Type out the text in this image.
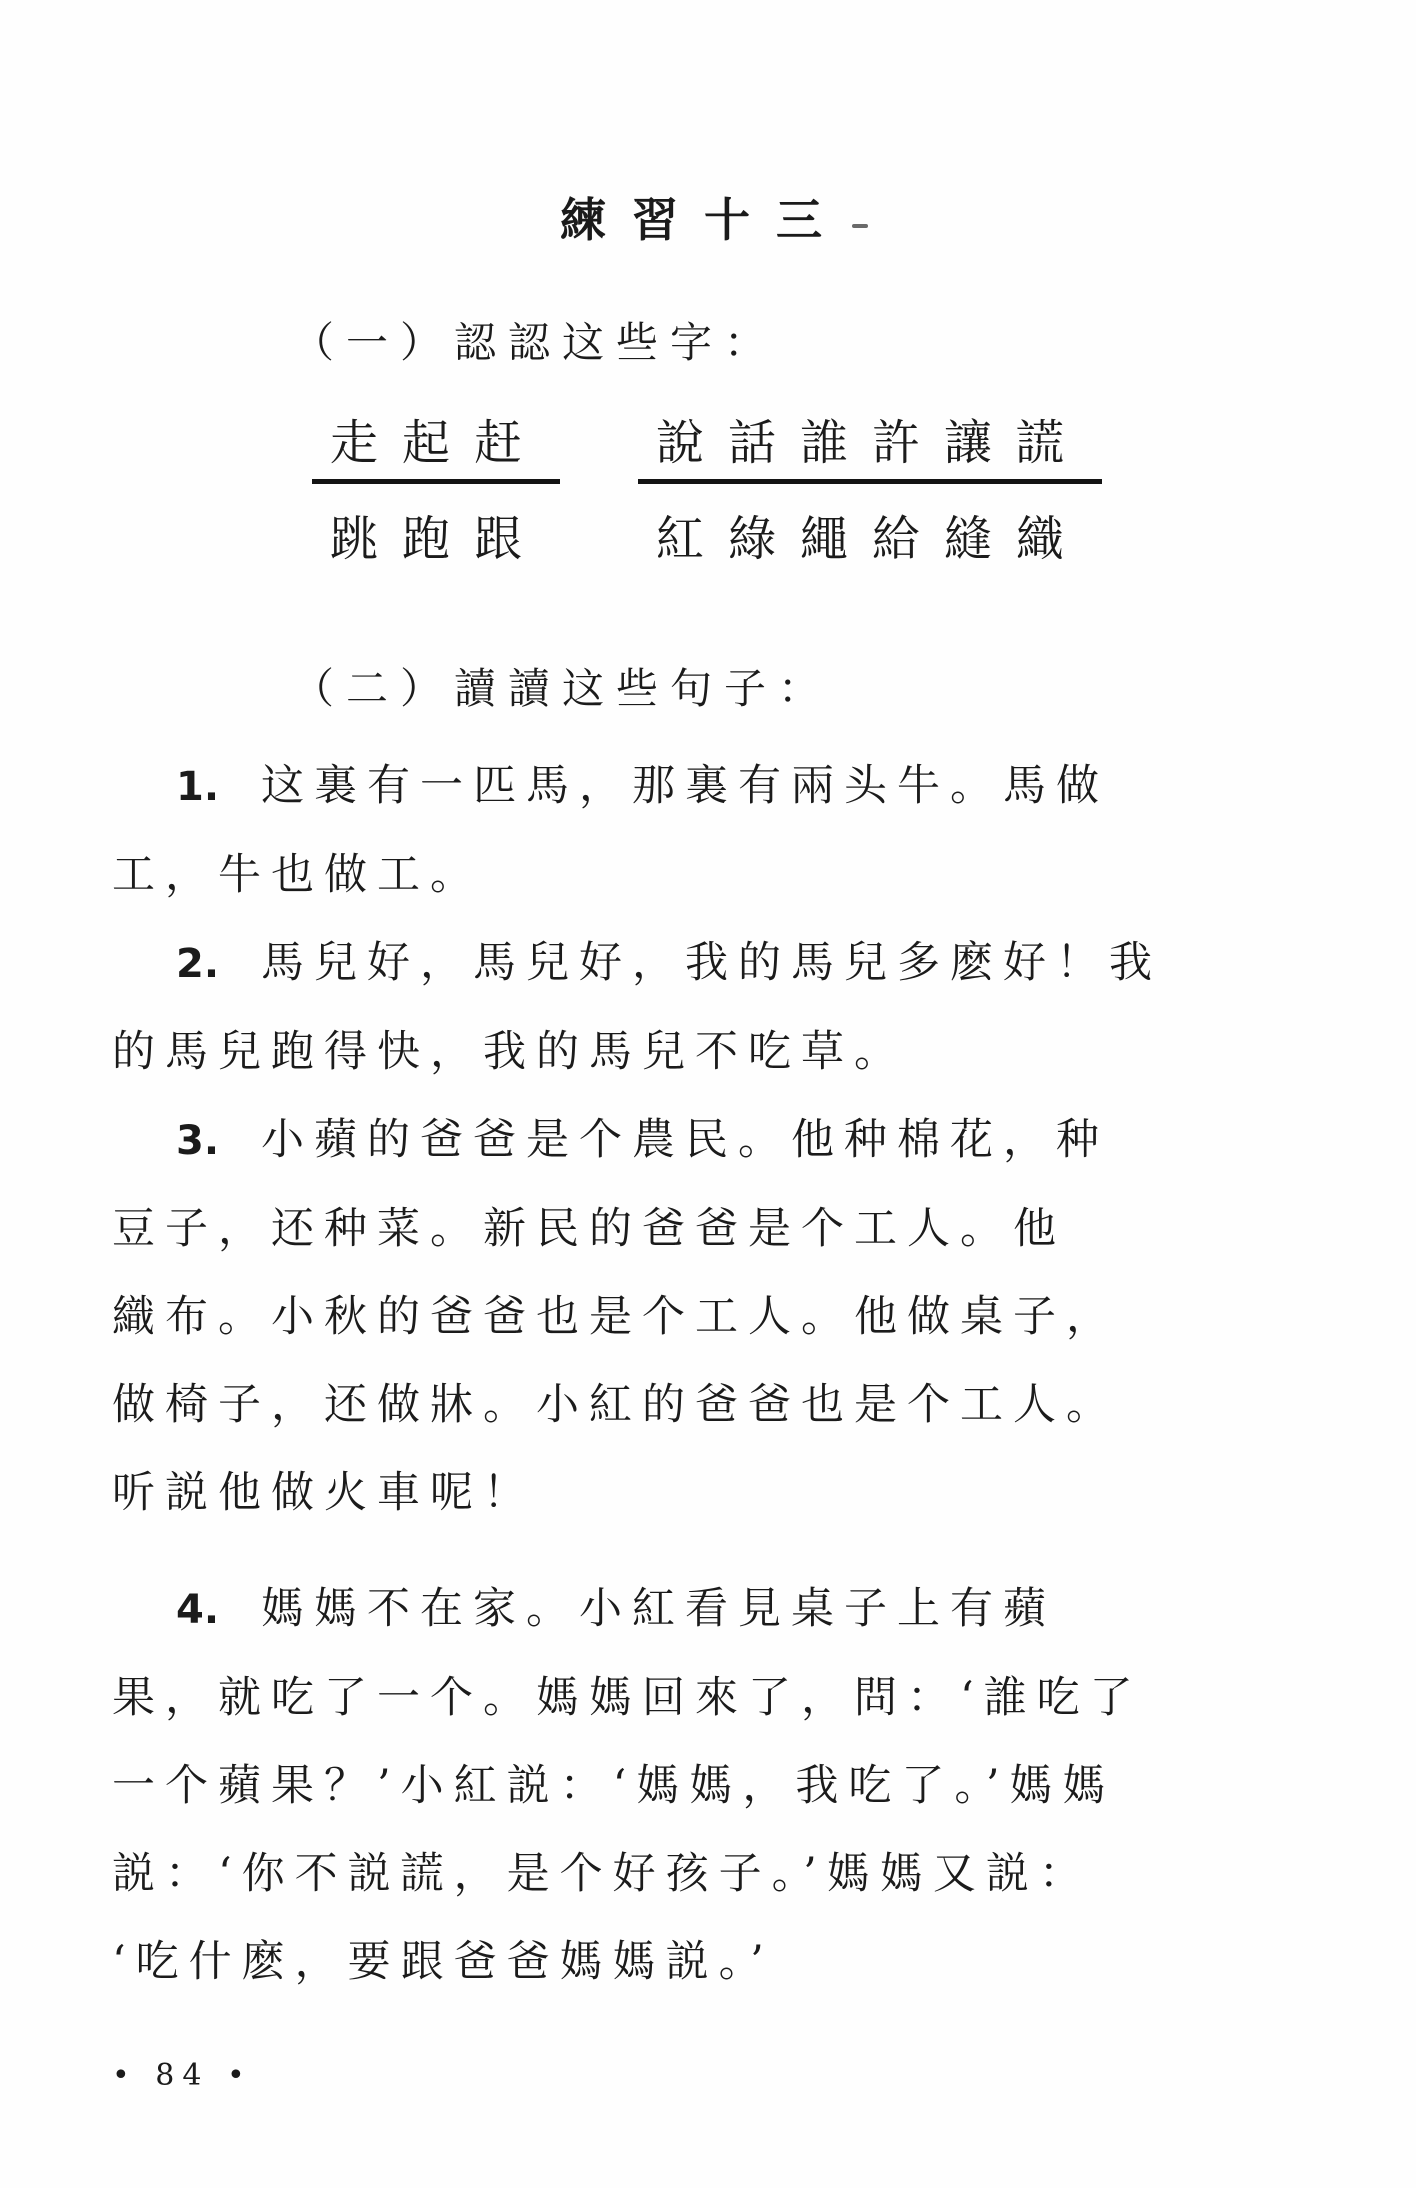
練習十三
（一）認認这些字：
走起赶	說話誰許讓謊
跳跑跟	紅綠繩給縫織
（二）讀讀这些句子：
1. 这裏有一匹馬，那裏有兩头牛。馬做
工，牛也做工。
2. 馬兒好，馬兒好，我的馬兒多麽好！我
的馬兒跑得快，我的馬兒不吃草。
3. 小蘋的爸爸是个農民。他种棉花，种
豆子，还种菜。新民的爸爸是个工人。他
織布。小秋的爸爸也是个工人。他做桌子，
做椅子，还做牀。小紅的爸爸也是个工人。
听説他做火車呢！
4. 媽媽不在家。小紅看見桌子上有蘋
果，就吃了一个。媽媽回來了，問：‘誰吃了
一个蘋果？’小紅説：‘媽媽，我吃了。’媽媽
説：‘你不説謊，是个好孩子。’媽媽又説：
‘吃什麽，要跟爸爸媽媽説。’
• 84 •
